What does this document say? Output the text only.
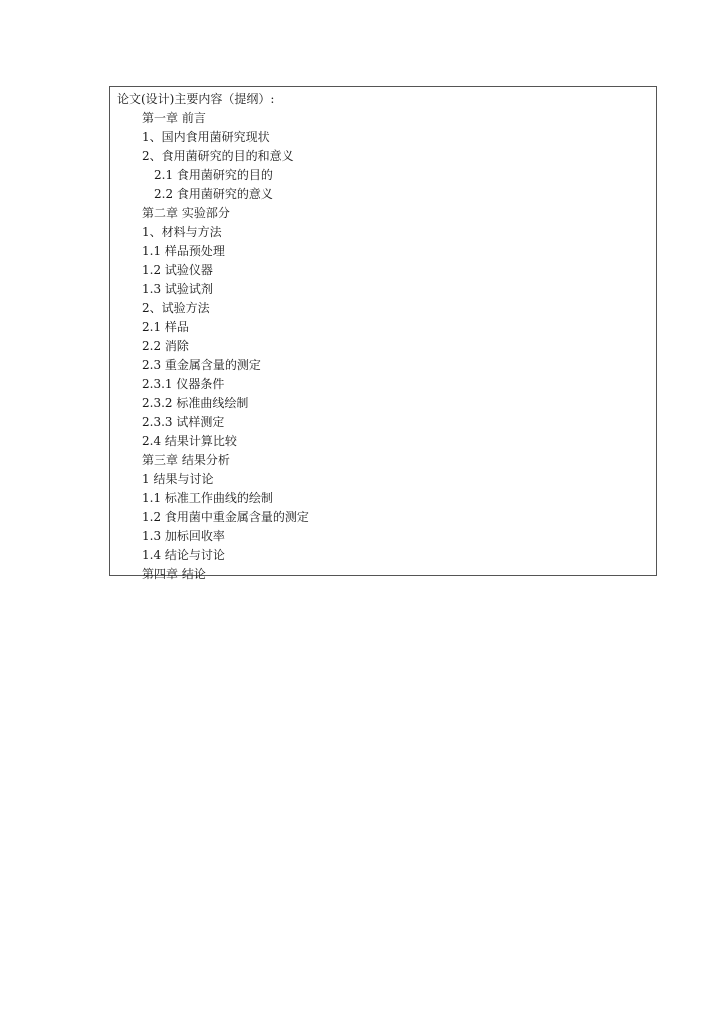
论文(设计)主要内容（提纲）:
第一章 前言
1、国内食用菌研究现状
2、食用菌研究的目的和意义
2.1 食用菌研究的目的
2.2 食用菌研究的意义
第二章 实验部分
1、材料与方法
1.1 样品预处理
1.2 试验仪器
1.3 试验试剂
2、试验方法
2.1 样品
2.2 消除
2.3 重金属含量的测定
2.3.1 仪器条件
2.3.2 标准曲线绘制
2.3.3 试样测定
2.4 结果计算比较
第三章 结果分析
1 结果与讨论
1.1 标准工作曲线的绘制
1.2 食用菌中重金属含量的测定
1.3 加标回收率
1.4 结论与讨论
第四章 结论
